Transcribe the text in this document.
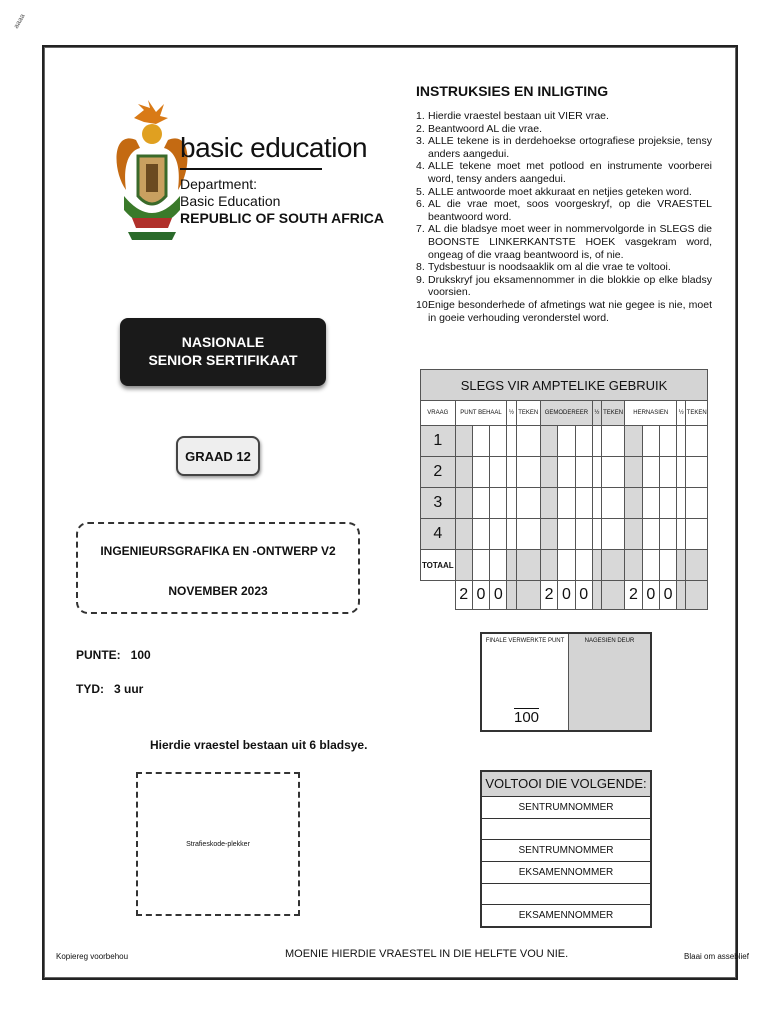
aaaa
basic education
Department:
Basic Education
REPUBLIC OF SOUTH AFRICA
NASIONALE
SENIOR SERTIFIKAAT
GRAAD 12
INGENIEURSGRAFIKA EN -ONTWERP V2
NOVEMBER 2023
PUNTE:   100
TYD:   3 uur
Hierdie vraestel bestaan uit 6 bladsye.
Strafieskode-plekker
INSTRUKSIES EN INLIGTING
1. Hierdie vraestel bestaan uit VIER vrae.
2. Beantwoord AL die vrae.
3. ALLE tekene is in derdehoekse ortografiese projeksie, tensy anders aangedui.
4. ALLE tekene moet met potlood en instrumente voorberei word, tensy anders aangedui.
5. ALLE antwoorde moet akkuraat en netjies geteken word.
6. AL die vrae moet, soos voorgeskryf, op die VRAESTEL beantwoord word.
7. AL die bladsye moet weer in nommervolgorde in SLEGS die BOONSTE LINKERKANTSTE HOEK vasgekram word, ongeag of die vraag beantwoord is, of nie.
8. Tydsbestuur is noodsaaklik om al die vrae te voltooi.
9. Drukskryf jou eksamennommer in die blokkie op elke bladsy voorsien.
10.
Enige besonderhede of afmetings wat nie gegee is nie, moet in goeie verhouding veronderstel word.
SLEGS VIR AMPTELIKE GEBRUIK															
VRAAG	PUNT BEHAAL			½	TEKEN	GEMODEREER			½	TEKEN	HERNASIEN			½	TEKEN
1															
2															
3															
4															
TOTAAL															
	2	0	0			2	0	0			2	0	0		
FINALE VERWERKTE PUNT
100
NAGESIEN DEUR
VOLTOOI DIE VOLGENDE:
SENTRUMNOMMER
SENTRUMNOMMER
EKSAMENNOMMER
EKSAMENNOMMER
Kopiereg voorbehou	MOENIE HIERDIE VRAESTEL IN DIE HELFTE VOU NIE.	Blaai om asseblief
